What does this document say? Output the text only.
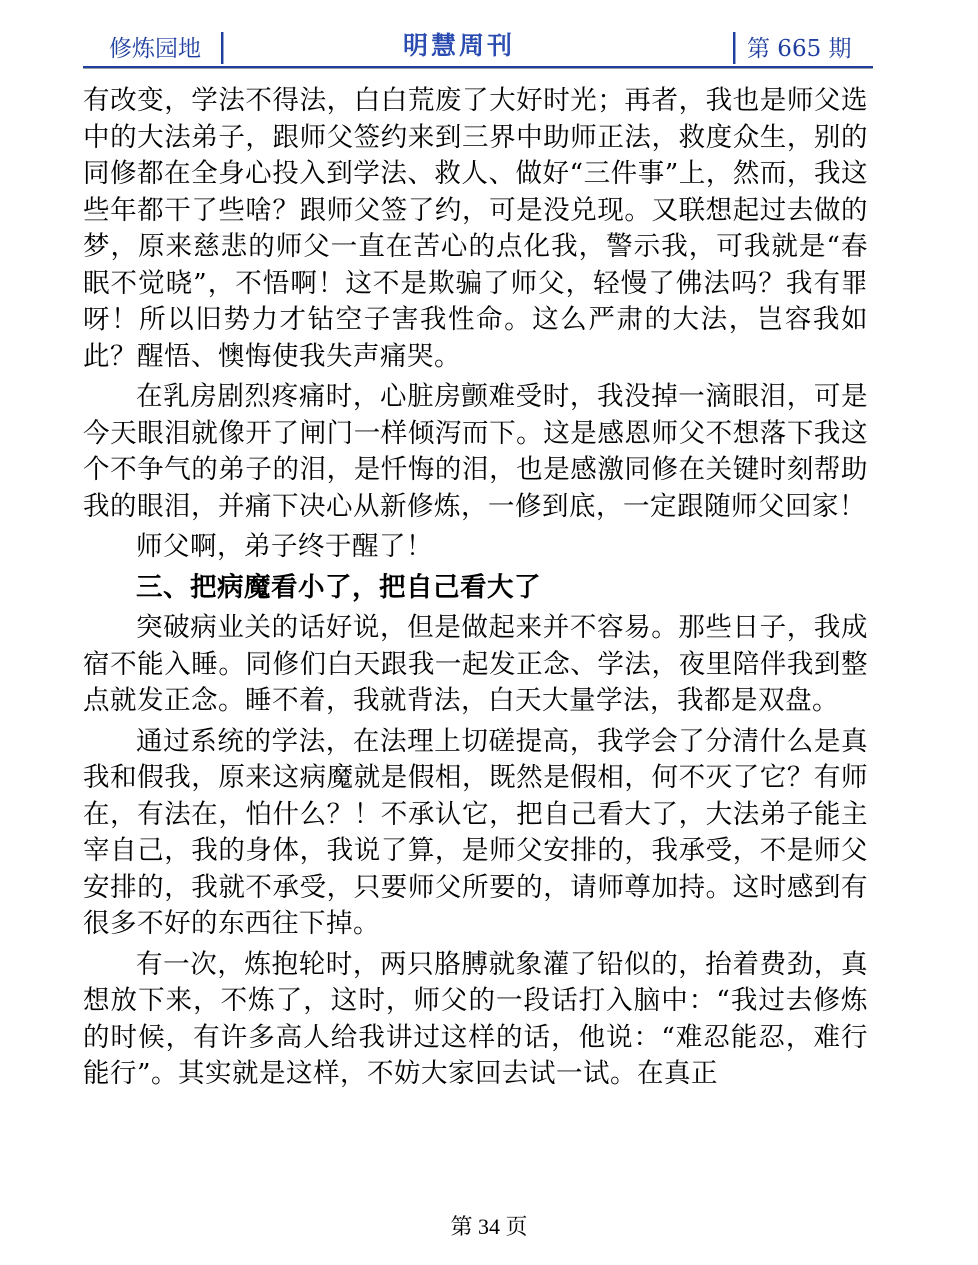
修炼园地	明慧周刊	第 665 期

有改变，学法不得法，白白荒废了大好时光；再者，我也是师父选中的大法弟子，跟师父签约来到三界中助师正法，救度众生，别的同修都在全身心投入到学法、救人、做好“三件事”上，然而，我这些年都干了些啥？跟师父签了约，可是没兑现。又联想起过去做的梦，原来慈悲的师父一直在苦心的点化我，警示我，可我就是“春眠不觉晓”，不悟啊！这不是欺骗了师父，轻慢了佛法吗？我有罪呀！所以旧势力才钻空子害我性命。这么严肃的大法，岂容我如此？醒悟、懊悔使我失声痛哭。

在乳房剧烈疼痛时，心脏房颤难受时，我没掉一滴眼泪，可是今天眼泪就像开了闸门一样倾泻而下。这是感恩师父不想落下我这个不争气的弟子的泪，是忏悔的泪，也是感激同修在关键时刻帮助我的眼泪，并痛下决心从新修炼，一修到底，一定跟随师父回家！

师父啊，弟子终于醒了！

三、把病魔看小了，把自己看大了

突破病业关的话好说，但是做起来并不容易。那些日子，我成宿不能入睡。同修们白天跟我一起发正念、学法，夜里陪伴我到整点就发正念。睡不着，我就背法，白天大量学法，我都是双盘。

通过系统的学法，在法理上切磋提高，我学会了分清什么是真我和假我，原来这病魔就是假相，既然是假相，何不灭了它？有师在，有法在，怕什么？！不承认它，把自己看大了，大法弟子能主宰自己，我的身体，我说了算，是师父安排的，我承受，不是师父安排的，我就不承受，只要师父所要的，请师尊加持。这时感到有很多不好的东西往下掉。

有一次，炼抱轮时，两只胳膊就象灌了铅似的，抬着费劲，真想放下来，不炼了，这时，师父的一段话打入脑中：“我过去修炼的时候，有许多高人给我讲过这样的话，他说：“难忍能忍，难行能行”。其实就是这样，不妨大家回去试一试。在真正

第 34 页
